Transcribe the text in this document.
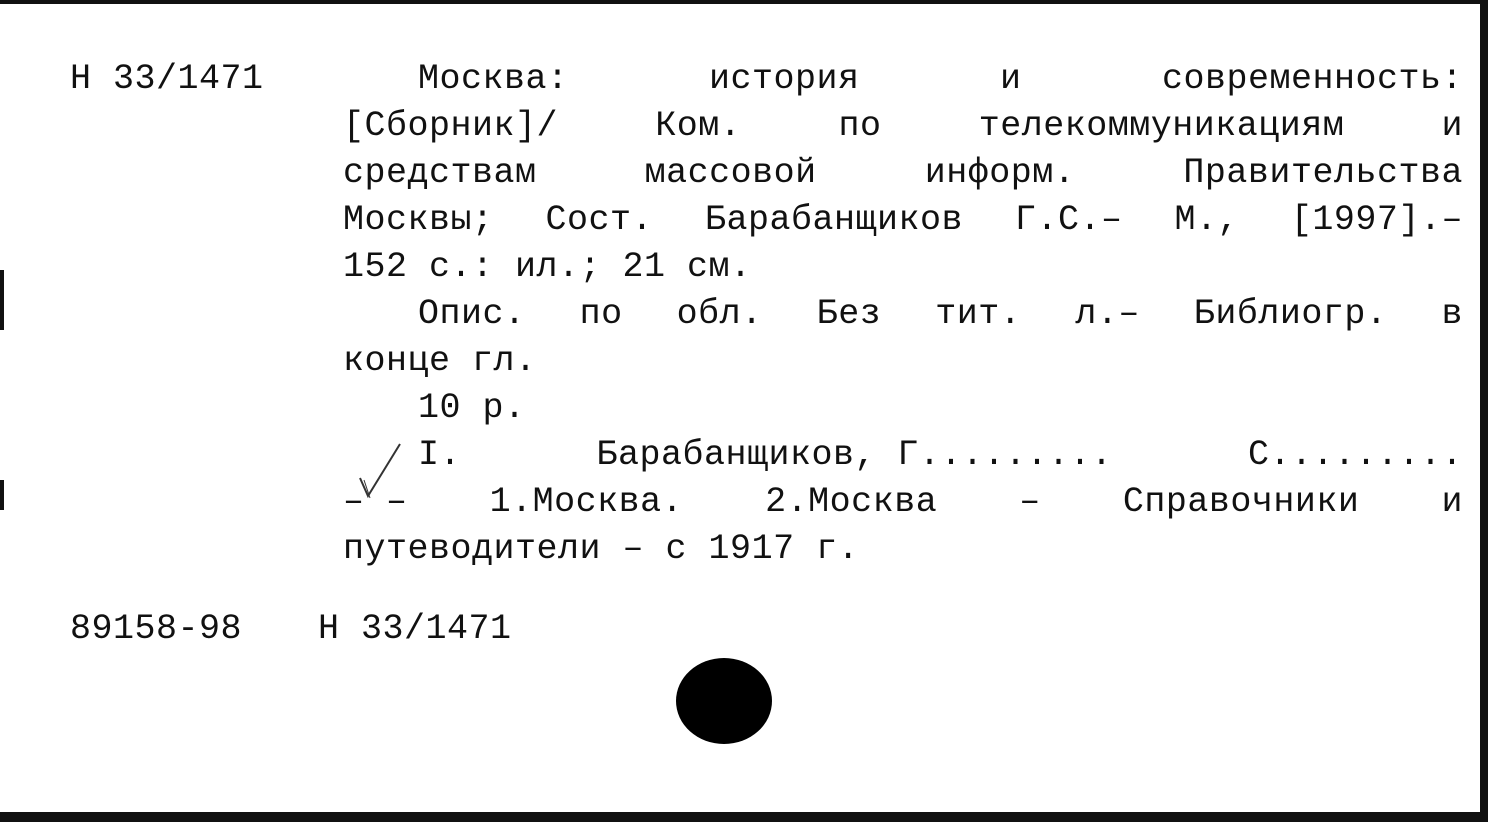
Н 33/1471	Москва:	история	и	современность:
[Сборник]/	Ком.	по	телекоммуникациям	и
средствам	массовой	информ.	Правительства
Москвы; Сост. Барабанщиков Г.С.– М., [1997].–
152 с.: ил.; 21 см.
Опис. по обл. Без тит. л.– Библиогр. в
конце гл.
10 р.
I.	Барабанщиков, Г.........	С.........
– – 1.Москва. 2.Москва – Справочники и
путеводители – с 1917 г.
89158-98 Н 33/1471
